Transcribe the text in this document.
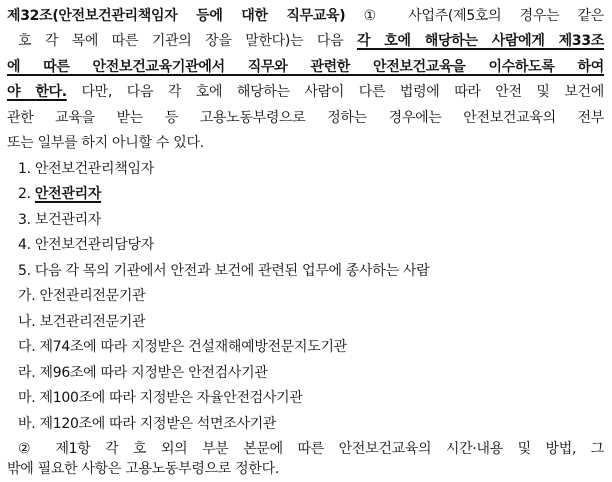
제32조(안전보건관리책임자 등에 대한 직무교육) ① 사업주(제5호의 경우는 같은
호 각 목에 따른 기관의 장을 말한다)는 다음 각 호에 해당하는 사람에게 제33조
에 따른 안전보건교육기관에서 직무와 관련한 안전보건교육을 이수하도록 하여
야 한다. 다만, 다음 각 호에 해당하는 사람이 다른 법령에 따라 안전 및 보건에
관한 교육을 받는 등 고용노동부령으로 정하는 경우에는 안전보건교육의 전부
또는 일부를 하지 아니할 수 있다.
1. 안전보건관리책임자
2. 안전관리자
3. 보건관리자
4. 안전보건관리담당자
5. 다음 각 목의 기관에서 안전과 보건에 관련된 업무에 종사하는 사람
가. 안전관리전문기관
나. 보건관리전문기관
다. 제74조에 따라 지정받은 건설재해예방전문지도기관
라. 제96조에 따라 지정받은 안전검사기관
마. 제100조에 따라 지정받은 자율안전검사기관
바. 제120조에 따라 지정받은 석면조사기관
② 제1항 각 호 외의 부분 본문에 따른 안전보건교육의 시간·내용 및 방법, 그
밖에 필요한 사항은 고용노동부령으로 정한다.
